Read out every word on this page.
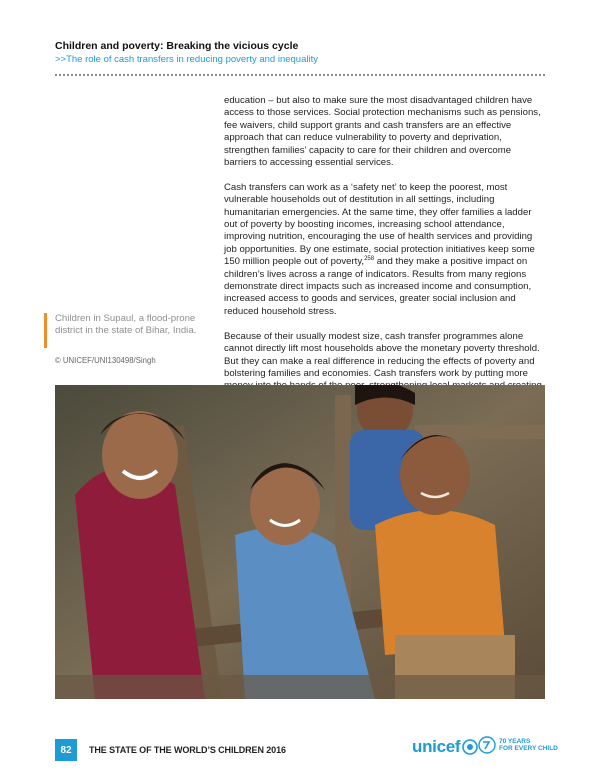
Children and poverty: Breaking the vicious cycle
>>The role of cash transfers in reducing poverty and inequality

education – but also to make sure the most disadvantaged children have access to those services. Social protection mechanisms such as pensions, fee waivers, child support grants and cash transfers are an effective approach that can reduce vulnerability to poverty and deprivation, strengthen families’ capacity to care for their children and overcome barriers to accessing essential services.

Cash transfers can work as a ‘safety net’ to keep the poorest, most vulnerable households out of destitution in all settings, including humanitarian emergencies. At the same time, they offer families a ladder out of poverty by boosting incomes, increasing school attendance, improving nutrition, encouraging the use of health services and providing job opportunities. By one estimate, social protection initiatives keep some 150 million people out of poverty,$^{258}$ and they make a positive impact on children’s lives across a range of indicators. Results from many regions demonstrate direct impacts such as increased income and consumption, increased access to goods and services, greater social inclusion and reduced household stress.

Because of their usually modest size, cash transfer programmes alone cannot directly lift most households above the monetary poverty threshold. But they can make a real difference in reducing the effects of poverty and bolstering families and economies. Cash transfers work by putting more

Children in Supaul, a flood-prone district in the state of Bihar, India.
© UNICEF/UNI130498/Singh
82	THE STATE OF THE WORLD’S CHILDREN 2016	unicef	70 YEARS
FOR EVERY CHILD
